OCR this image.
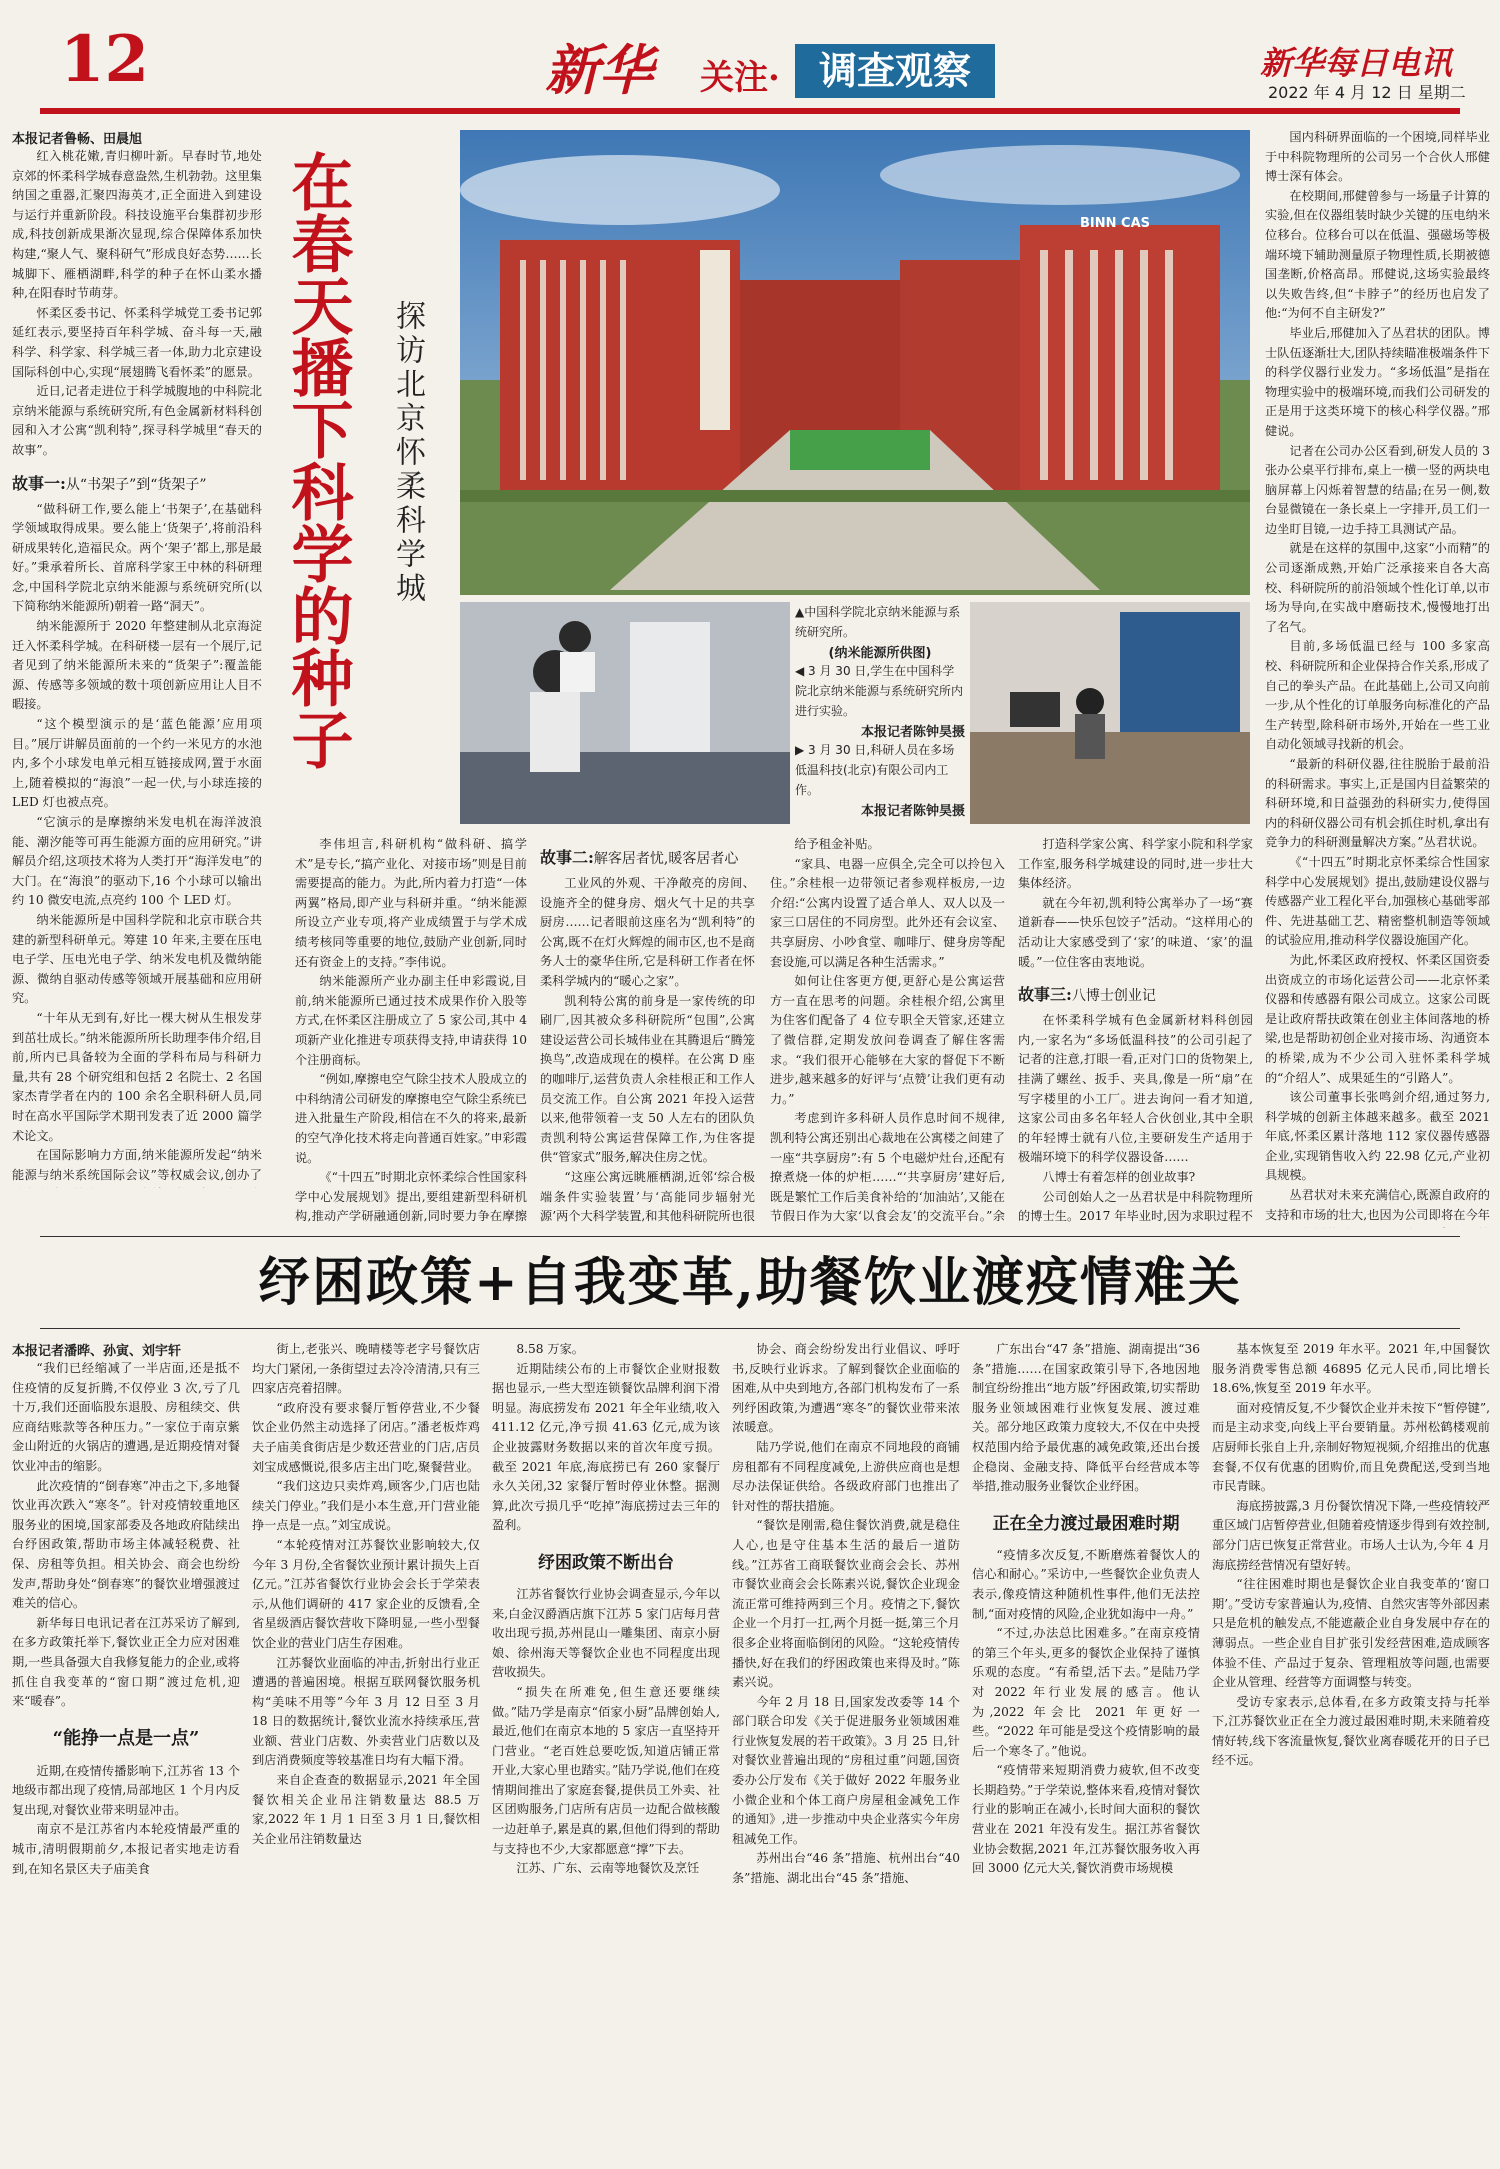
12	新华 关注·	调查观察	新华每日电讯
2022 年 4 月 12 日 星期二
本报记者鲁畅、田晨旭

红入桃花嫩,青归柳叶新。早春时节,地处京郊的怀柔科学城春意盎然,生机勃勃。这里集纳国之重器,汇聚四海英才,正全面进入到建设与运行并重新阶段。科技设施平台集群初步形成,科技创新成果渐次显现,综合保障体系加快构建,“聚人气、聚科研气”形成良好态势……长城脚下、雁栖湖畔,科学的种子在怀山柔水播种,在阳春时节萌芽。

怀柔区委书记、怀柔科学城党工委书记郭延红表示,要坚持百年科学城、奋斗每一天,融科学、科学家、科学城三者一体,助力北京建设国际科创中心,实现“展翅腾飞看怀柔”的愿景。

近日,记者走进位于科学城腹地的中科院北京纳米能源与系统研究所,有色金属新材料科创园和入才公寓“凯利特”,探寻科学城里“春天的故事”。

故事一:从“书架子”到“货架子”

“做科研工作,要么能上‘书架子’,在基础科学领域取得成果。要么能上‘货架子’,将前沿科研成果转化,造福民众。两个‘架子’都上,那是最好。”秉承着所长、首席科学家王中林的科研理念,中国科学院北京纳米能源与系统研究所(以下简称纳米能源所)朝着一路“洞天”。

纳米能源所于 2020 年整建制从北京海淀迁入怀柔科学城。在科研楼一层有一个展厅,记者见到了纳米能源所未来的“货架子”:覆盖能源、传感等多领域的数十项创新应用让人目不暇接。

“这个模型演示的是‘蓝色能源’应用项目。”展厅讲解员面前的一个约一米见方的水池内,多个小球发电单元相互链接成网,置于水面上,随着模拟的“海浪”一起一伏,与小球连接的 LED 灯也被点亮。

“它演示的是摩擦纳米发电机在海洋波浪能、潮汐能等可再生能源方面的应用研究。”讲解员介绍,这项技术将为人类打开“海洋发电”的大门。在“海浪”的驱动下,16 个小球可以输出约 10 微安电流,点亮约 100 个 LED 灯。

纳米能源所是中国科学院和北京市联合共建的新型科研单元。筹建 10 年来,主要在压电电子学、压电光电子学、纳米发电机及微纳能源、微纳自驱动传感等领域开展基础和应用研究。

“十年从无到有,好比一棵大树从生根发芽到茁壮成长。”纳米能源所所长助理李伟介绍,目前,所内已具备较为全面的学科布局与科研力量,共有 28 个研究组和包括 2 名院士、2 名国家杰青学者在内的 100 余名全职科研人员,同时在高水平国际学术期刊发表了近 2000 篇学术论文。

在国际影响力方面,纳米能源所发起“纳米能源与纳米系统国际会议”等权威会议,创办了

在春天播下科学的种子 探访北京怀柔科学城
BINN CAS
▲中国科学院北京纳米能源与系统研究所。
(纳米能源所供图)
◀ 3 月 30 日,学生在中国科学院北京纳米能源与系统研究所内进行实验。
本报记者陈钟昊摄
▶ 3 月 30 日,科研人员在多场低温科技(北京)有限公司内工作。
本报记者陈钟昊摄

李伟坦言,科研机构“做科研、搞学术”是专长,“搞产业化、对接市场”则是目前需要提高的能力。为此,所内着力打造“一体两翼”格局,即产业与科研并重。“纳米能源所设立产业专项,将产业成绩置于与学术成绩考核同等重要的地位,鼓励产业创新,同时还有资金上的支持。”李伟说。

纳米能源所产业办副主任申彩霞说,目前,纳米能源所已通过技术成果作价入股等方式,在怀柔区注册成立了 5 家公司,其中 4 项新产业化推进专项获得支持,申请获得 10 个注册商标。

“例如,摩擦电空气除尘技术人股成立的中科纳清公司研发的摩擦电空气除尘系统已进入批量生产阶段,相信在不久的将来,最新的空气净化技术将走向普通百姓家。”申彩霞说。

《“十四五”时期北京怀柔综合性国家科学中心发展规划》提出,要组建新型科研机构,推动产学研融通创新,同时要力争在摩擦

故事二:解客居者忧,暖客居者心

工业风的外观、干净敞亮的房间、设施齐全的健身房、烟火气十足的共享厨房……记者眼前这座名为“凯利特”的公寓,既不在灯火辉煌的闹市区,也不是商务人士的豪华住所,它是科研工作者在怀柔科学城内的“暖心之家”。

凯利特公寓的前身是一家传统的印刷厂,因其被众多科研院所“包围”,公寓建设运营公司长城伟业在其腾退后“腾笼换鸟”,改造成现在的模样。在公寓 D 座的咖啡厅,运营负责人余桂根正和工作人员交流工作。自公寓 2021 年投入运营以来,他带领着一支 50 人左右的团队负责凯利特公寓运营保障工作,为住客提供“管家式”服务,解决住房之忧。

“这座公寓远眺雁栖湖,近邻‘综合极端条件实验装置’与‘高能同步辐射光源’两个大科学装置,和其他科研院所也很

给予租金补贴。

“家具、电器一应俱全,完全可以拎包入住。”余桂根一边带领记者参观样板房,一边介绍:“公寓内设置了适合单人、双人以及一家三口居住的不同房型。此外还有会议室、共享厨房、小吵食堂、咖啡厅、健身房等配套设施,可以满足各种生活需求。”

如何让住客更方便,更舒心是公寓运营方一直在思考的问题。余桂根介绍,公寓里为住客们配备了 4 位专职全天管家,还建立了微信群,定期发放问卷调查了解住客需求。“我们很开心能够在大家的督促下不断进步,越来越多的好评与‘点赞’让我们更有动力。”

考虑到许多科研人员作息时间不规律,凯利特公寓还别出心裁地在公寓楼之间建了一座“共享厨房”:有 5 个电磁炉灶台,还配有撩煮烧一体的炉柜……“‘共享厨房’建好后,既是繁忙工作后美食补给的‘加油站’,又能在节假日作为大家‘以食会友’的交流平台。”余

打造科学家公寓、科学家小院和科学家工作室,服务科学城建设的同时,进一步壮大集体经济。

就在今年初,凯利特公寓举办了一场“赛道新春——快乐包饺子”活动。“这样用心的活动让大家感受到了‘家’的味道、‘家’的温暖。”一位住客由衷地说。

故事三:八博士创业记

在怀柔科学城有色金属新材料科创园内,一家名为“多场低温科技”的公司引起了记者的注意,打眼一看,正对门口的货物架上,挂满了螺丝、扳手、夹具,像是一所“扇”在写字楼里的小工厂。进去询问一看才知道,这家公司由多名年轻人合伙创业,其中全职的年轻博士就有八位,主要研发生产适用于极端环境下的科学仪器设备……

八博士有着怎样的创业故事?

公司创始人之一丛君状是中科院物理所的博士生。2017 年毕业时,因为求职过程不

国内科研界面临的一个困境,同样毕业于中科院物理所的公司另一个合伙人邢健博士深有体会。

在校期间,邢健曾参与一场量子计算的实验,但在仪器组装时缺少关键的压电纳米位移台。位移台可以在低温、强磁场等极端环境下辅助测量原子物理性质,长期被德国垄断,价格高昂。邢健说,这场实验最终以失败告终,但“卡脖子”的经历也启发了他:“为何不自主研发?”

毕业后,邢健加入了丛君状的团队。博士队伍逐渐壮大,团队持续瞄准极端条件下的科学仪器行业发力。“多场低温”是指在物理实验中的极端环境,而我们公司研发的正是用于这类环境下的核心科学仪器。”邢健说。

记者在公司办公区看到,研发人员的 3 张办公桌平行排布,桌上一横一竖的两块电脑屏幕上闪烁着智慧的结晶;在另一侧,数台显微镜在一条长桌上一字排开,员工们一边坐盯目镜,一边手持工具测试产品。

就是在这样的氛围中,这家“小而精”的公司逐渐成熟,开始广泛承接来自各大高校、科研院所的前沿领域个性化订单,以市场为导向,在实战中磨砺技术,慢慢地打出了名气。

目前,多场低温已经与 100 多家高校、科研院所和企业保持合作关系,形成了自己的拳头产品。在此基础上,公司又向前一步,从个性化的订单服务向标准化的产品生产转型,除科研市场外,开始在一些工业自动化领域寻找新的机会。

“最新的科研仪器,往往脱胎于最前沿的科研需求。事实上,正是国内目益繁荣的科研环境,和日益强劲的科研实力,使得国内的科研仪器公司有机会抓住时机,拿出有竞争力的科研测量解决方案。”丛君状说。

《“十四五”时期北京怀柔综合性国家科学中心发展规划》提出,鼓励建设仪器与传感器产业工程化平台,加强核心基础零部件、先进基础工艺、精密整机制造等领域的试验应用,推动科学仪器设施国产化。

为此,怀柔区政府授权、怀柔区国资委出资成立的市场化运营公司——北京怀柔仪器和传感器有限公司成立。这家公司既是让政府帮扶政策在创业主体间落地的桥梁,也是帮助初创企业对接市场、沟通资本的桥梁,成为不少公司入驻怀柔科学城的“介绍人”、成果延生的“引路人”。

该公司董事长张鸣剑介绍,通过努力,科学城的创新主体越来越多。截至 2021 年底,怀柔区累计落地 112 家仪器传感器企业,实现销售收入约 22.98 亿元,产业初具规模。

丛君状对未来充满信心,既源自政府的支持和市场的壮大,也因为公司即将在今年

纾困政策+自我变革,助餐饮业渡疫情难关
本报记者潘晔、孙寅、刘宇轩

“我们已经缩减了一半店面,还是抵不住疫情的反复折腾,不仅停业 3 次,亏了几十万,我们还面临股东退股、房租续交、供应商结账款等各种压力。”一家位于南京紫金山附近的火锅店的遭遇,是近期疫情对餐饮业冲击的缩影。

此次疫情的“倒春寒”冲击之下,多地餐饮业再次跌入“寒冬”。针对疫情较重地区服务业的困境,国家部委及各地政府陆续出台纾困政策,帮助市场主体减轻税费、社保、房租等负担。相关协会、商会也纷纷发声,帮助身处“倒春寒”的餐饮业增强渡过难关的信心。

新华每日电讯记者在江苏采访了解到,在多方政策托举下,餐饮业正全力应对困难期,一些具备强大自我修复能力的企业,或将抓住自我变革的“窗口期”渡过危机,迎来“暖春”。

“能挣一点是一点”

近期,在疫情传播影响下,江苏省 13 个地级市都出现了疫情,局部地区 1 个月内反复出现,对餐饮业带来明显冲击。

南京不是江苏省内本轮疫情最严重的城市,清明假期前夕,本报记者实地走访看到,在知名景区夫子庙美食

街上,老张兴、晚晴楼等老字号餐饮店均大门紧闭,一条街望过去冷冷清清,只有三四家店亮着招牌。

“政府没有要求餐厅暂停营业,不少餐饮企业仍然主动选择了闭店。”潘老板炸鸡夫子庙美食街店是少数还营业的门店,店员刘宝成感慨说,很多店主出门吃,聚餐营业。

“我们这边只卖炸鸡,顾客少,门店也陆续关门停业。”我们是小本生意,开门营业能挣一点是一点。”刘宝成说。

“本轮疫情对江苏餐饮业影响较大,仅今年 3 月份,全省餐饮业预计累计损失上百亿元。”江苏省餐饮行业协会会长于学荣表示,从他们调研的 417 家企业的反馈看,全省星级酒店餐饮营收下降明显,一些小型餐饮企业的营业门店生存困难。

江苏餐饮业面临的冲击,折射出行业正遭遇的普遍困境。根据互联网餐饮服务机构“美味不用等”今年 3 月 12 日至 3 月 18 日的数据统计,餐饮业流水持续承压,营业额、营业门店数、外卖营业门店数以及到店消费频度等较基准日均有大幅下滑。

来自企查查的数据显示,2021 年全国餐饮相关企业吊注销数量达 88.5 万家,2022 年 1 月 1 日至 3 月 1 日,餐饮相关企业吊注销数量达

8.58 万家。

近期陆续公布的上市餐饮企业财报数据也显示,一些大型连锁餐饮品牌利润下滑明显。海底捞发布 2021 年全年业绩,收入 411.12 亿元,净亏损 41.63 亿元,成为该企业披露财务数据以来的首次年度亏损。截至 2021 年底,海底捞已有 260 家餐厅永久关闭,32 家餐厅暂时停业休整。据测算,此次亏损几乎“吃掉”海底捞过去三年的盈利。

纾困政策不断出台

江苏省餐饮行业协会调查显示,今年以来,白金汉爵酒店旗下江苏 5 家门店每月营收出现亏损,苏州昆山一雕集团、南京小厨娘、徐州海天等餐饮企业也不同程度出现营收损失。

“损失在所难免,但生意还要继续做。”陆乃学是南京“佰家小厨”品牌创始人,最近,他们在南京本地的 5 家店一直坚持开门营业。“老百姓总要吃饭,知道店铺正常开业,大家心里也踏实。”陆乃学说,他们在疫情期间推出了家庭套餐,提供员工外卖、社区团购服务,门店所有店员一边配合做核酸一边赶单子,累是真的累,但他们得到的帮助与支持也不少,大家都愿意“撑”下去。

江苏、广东、云南等地餐饮及烹饪

协会、商会纷纷发出行业倡议、呼吁书,反映行业诉求。了解到餐饮企业面临的困难,从中央到地方,各部门机构发布了一系列纾困政策,为遭遇“寒冬”的餐饮业带来浓浓暖意。

陆乃学说,他们在南京不同地段的商铺房租都有不同程度减免,上游供应商也是想尽办法保证供给。各级政府部门也推出了针对性的帮扶措施。

“餐饮是刚需,稳住餐饮消费,就是稳住人心,也是守住基本生活的最后一道防线。”江苏省工商联餐饮业商会会长、苏州市餐饮业商会会长陈素兴说,餐饮企业现金流正常可维持两到三个月。疫情之下,餐饮企业一个月打一扛,两个月挺一挺,第三个月很多企业将面临倒闭的风险。“这轮疫情传播快,好在我们的纾困政策也来得及时。”陈素兴说。

今年 2 月 18 日,国家发改委等 14 个部门联合印发《关于促进服务业领域困难行业恢复发展的若干政策》。3 月 25 日,针对餐饮业普遍出现的“房租过重”问题,国资委办公厅发布《关于做好 2022 年服务业小微企业和个体工商户房屋租金减免工作的通知》,进一步推动中央企业落实今年房租减免工作。

苏州出台“46 条”措施、杭州出台“40 条”措施、湖北出台“45 条”措施、

广东出台“47 条”措施、湖南提出“36 条”措施……在国家政策引导下,各地因地制宜纷纷推出“地方版”纾困政策,切实帮助服务业领域困难行业恢复发展、渡过难关。部分地区政策力度较大,不仅在中央授权范围内给予最优惠的减免政策,还出台援企稳岗、金融支持、降低平台经营成本等举措,推动服务业餐饮企业纾困。

正在全力渡过最困难时期

“疫情多次反复,不断磨炼着餐饮人的信心和耐心。”采访中,一些餐饮企业负责人表示,像疫情这种随机性事件,他们无法控制,“面对疫情的风险,企业犹如海中一舟。”

“不过,办法总比困难多。”在南京疫情的第三个年头,更多的餐饮企业保持了谨慎乐观的态度。“有希望,活下去。”是陆乃学对 2022 年行业发展的感言。他认为,2022 年会比 2021 年更好一些。“2022 年可能是受这个疫情影响的最后一个寒冬了。”他说。

“疫情带来短期消费力疲软,但不改变长期趋势。”于学荣说,整体来看,疫情对餐饮行业的影响正在减小,长时间大面积的餐饮营业在 2021 年没有发生。据江苏省餐饮业协会数据,2021 年,江苏餐饮服务收入再回 3000 亿元大关,餐饮消费市场规模

基本恢复至 2019 年水平。2021 年,中国餐饮服务消费零售总额 46895 亿元人民币,同比增长 18.6%,恢复至 2019 年水平。

面对疫情反复,不少餐饮企业并未按下“暂停键”,而是主动求变,向线上平台要销量。苏州松鹤楼观前店厨师长张自上升,亲制好物短视频,介绍推出的优惠套餐,不仅有优惠的团购价,而且免费配送,受到当地市民青睐。

海底捞披露,3 月份餐饮情况下降,一些疫情较严重区域门店暂停营业,但随着疫情逐步得到有效控制,部分门店已恢复正常营业。市场人士认为,今年 4 月海底捞经营情况有望好转。

“往往困难时期也是餐饮企业自我变革的‘窗口期’。”受访专家普遍认为,疫情、自然灾害等外部因素只是危机的触发点,不能遮蔽企业自身发展中存在的薄弱点。一些企业自目扩张引发经营困难,造成顾客体验不佳、产品过于复杂、管理粗放等问题,也需要企业从管理、经营等方面调整与转变。

受访专家表示,总体看,在多方政策支持与托举下,江苏餐饮业正在全力渡过最困难时期,未来随着疫情好转,线下客流量恢复,餐饮业离春暖花开的日子已经不远。
